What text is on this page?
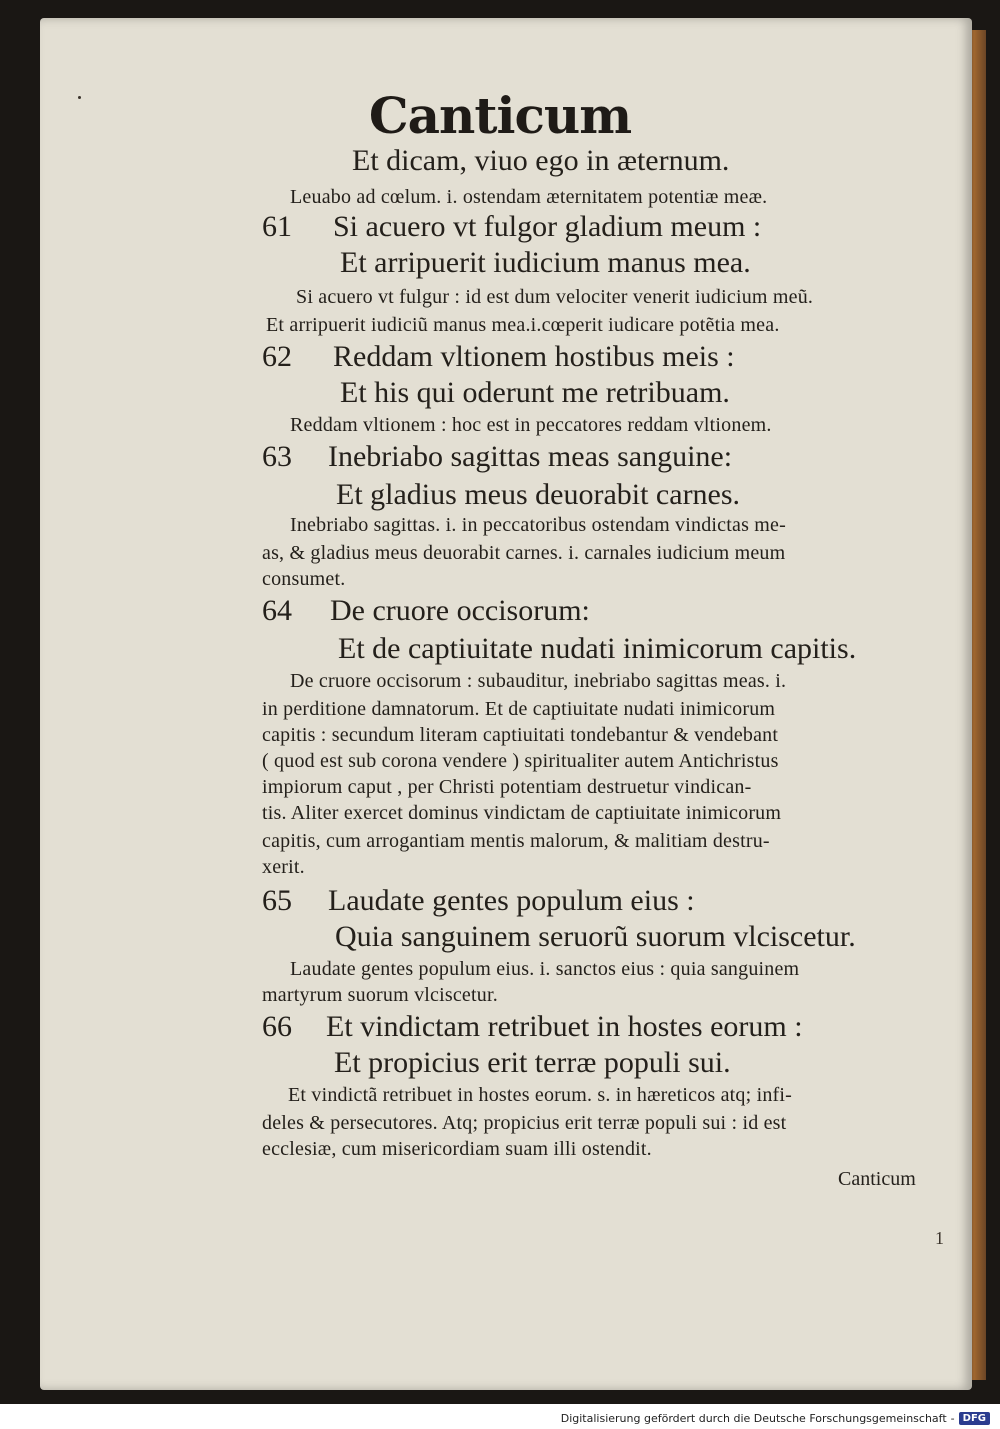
Canticum
Et dicam, viuo ego in æternum.
Leuabo ad cœlum. i. ostendam æternitatem potentiæ meæ.
61 Si acuero vt fulgor gladium meum :
Et arripuerit iudicium manus mea.
Si acuero vt fulgur : id est dum velociter venerit iudicium meũ.
Et arripuerit iudiciũ manus mea.i.cœperit iudicare potẽtia mea.
62 Reddam vltionem hostibus meis :
Et his qui oderunt me retribuam.
Reddam vltionem : hoc est in peccatores reddam vltionem.
63 Inebriabo sagittas meas sanguine:
Et gladius meus deuorabit carnes.
Inebriabo sagittas. i. in peccatoribus ostendam vindictas me-
as, & gladius meus deuorabit carnes. i. carnales iudicium meum
consumet.
64 De cruore occisorum:
Et de captiuitate nudati inimicorum capitis.
De cruore occisorum : subauditur, inebriabo sagittas meas. i.
in perditione damnatorum. Et de captiuitate nudati inimicorum
capitis : secundum literam captiuitati tondebantur & vendebant
( quod est sub corona vendere ) spiritualiter autem Antichristus
impiorum caput , per Christi potentiam destruetur vindican-
tis. Aliter exercet dominus vindictam de captiuitate inimicorum
capitis, cum arrogantiam mentis malorum, & malitiam destru-
xerit.
65 Laudate gentes populum eius :
Quia sanguinem seruorũ suorum vlciscetur.
Laudate gentes populum eius. i. sanctos eius : quia sanguinem
martyrum suorum vlciscetur.
66 Et vindictam retribuet in hostes eorum :
Et propicius erit terræ populi sui.
Et vindictã retribuet in hostes eorum. s. in hæreticos atq; infi-
deles & persecutores. Atq; propicius erit terræ populi sui : id est
ecclesiæ, cum misericordiam suam illi ostendit.
Canticum
1
Digitalisierung gefördert durch die Deutsche Forschungsgemeinschaft - DFG
